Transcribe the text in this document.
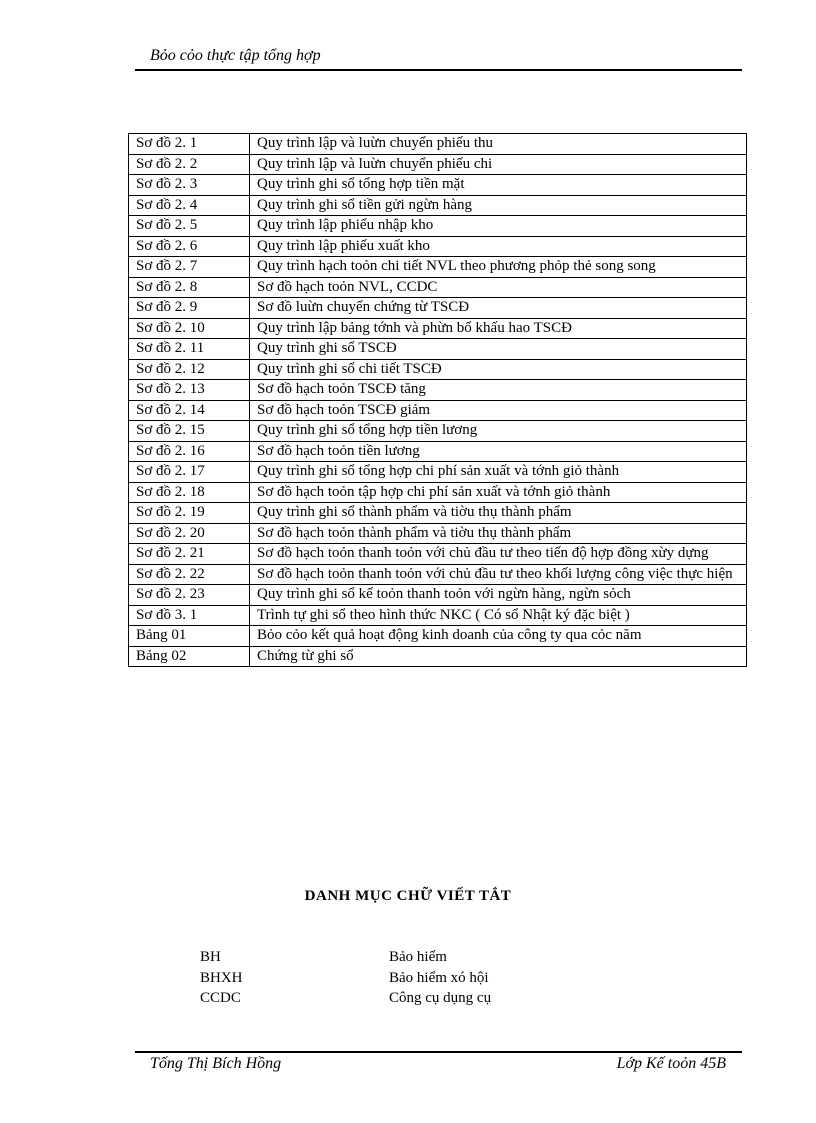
Bỏo cỏo thực tập tổng hợp
Sơ đồ 2. 1	Quy trình lập và luừn chuyển phiếu thu
Sơ đồ 2. 2	Quy trình lập và luừn chuyển phiếu chi
Sơ đồ 2. 3	Quy trình ghi sổ tổng hợp tiền mặt
Sơ đồ 2. 4	Quy trình ghi sổ tiền gửi ngừn hàng
Sơ đồ 2. 5	Quy trình lập phiếu nhập kho
Sơ đồ 2. 6	Quy trình lập phiếu xuất kho
Sơ đồ 2. 7	Quy trình hạch toỏn chi tiết NVL theo phương phỏp thẻ song song
Sơ đồ 2. 8	Sơ đồ hạch toỏn NVL, CCDC
Sơ đồ 2. 9	Sơ đồ luừn chuyển chứng từ TSCĐ
Sơ đồ 2. 10	Quy trình lập bảng tớnh và phừn bổ khấu hao TSCĐ
Sơ đồ 2. 11	Quy trình ghi sổ TSCĐ
Sơ đồ 2. 12	Quy trình ghi sổ chi tiết TSCĐ
Sơ đồ 2. 13	Sơ đồ hạch toỏn TSCĐ tăng
Sơ đồ 2. 14	Sơ đồ hạch toỏn TSCĐ giảm
Sơ đồ 2. 15	Quy trình ghi sổ tổng hợp tiền lương
Sơ đồ 2. 16	Sơ đồ hạch toỏn tiền lương
Sơ đồ 2. 17	Quy trình ghi sổ tổng hợp chi phí sản xuất và tớnh giỏ thành
Sơ đồ 2. 18	Sơ đồ hạch toỏn tập hợp chi phí sản xuất và tớnh giỏ thành
Sơ đồ 2. 19	Quy trình ghi sổ thành phẩm và tiờu thụ thành phẩm
Sơ đồ 2. 20	Sơ đồ hạch toỏn thành phẩm và tiờu thụ thành phẩm
Sơ đồ 2. 21	Sơ đồ hạch toỏn thanh toỏn với chủ đầu tư theo tiến độ hợp đồng xừy dựng
Sơ đồ 2. 22	Sơ đồ hạch toỏn thanh toỏn với chủ đầu tư theo khối lượng công việc thực hiện
Sơ đồ 2. 23	Quy trình ghi sổ kế toỏn thanh toỏn với ngừn hàng, ngừn sỏch
Sơ đồ 3. 1	Trình tự ghi sổ theo hình thức NKC ( Có sổ Nhật ký đặc biệt )
Bảng 01	Bỏo cỏo kết quả hoạt động kinh doanh của công ty qua cỏc năm
Bảng 02	Chứng từ ghi sổ
DANH MỤC CHỮ VIẾT TẮT
BH	Bảo hiểm
BHXH	Bảo hiểm xó hội
CCDC	Công cụ dụng cụ
Tống Thị Bích Hồng	Lớp Kế toỏn 45B
